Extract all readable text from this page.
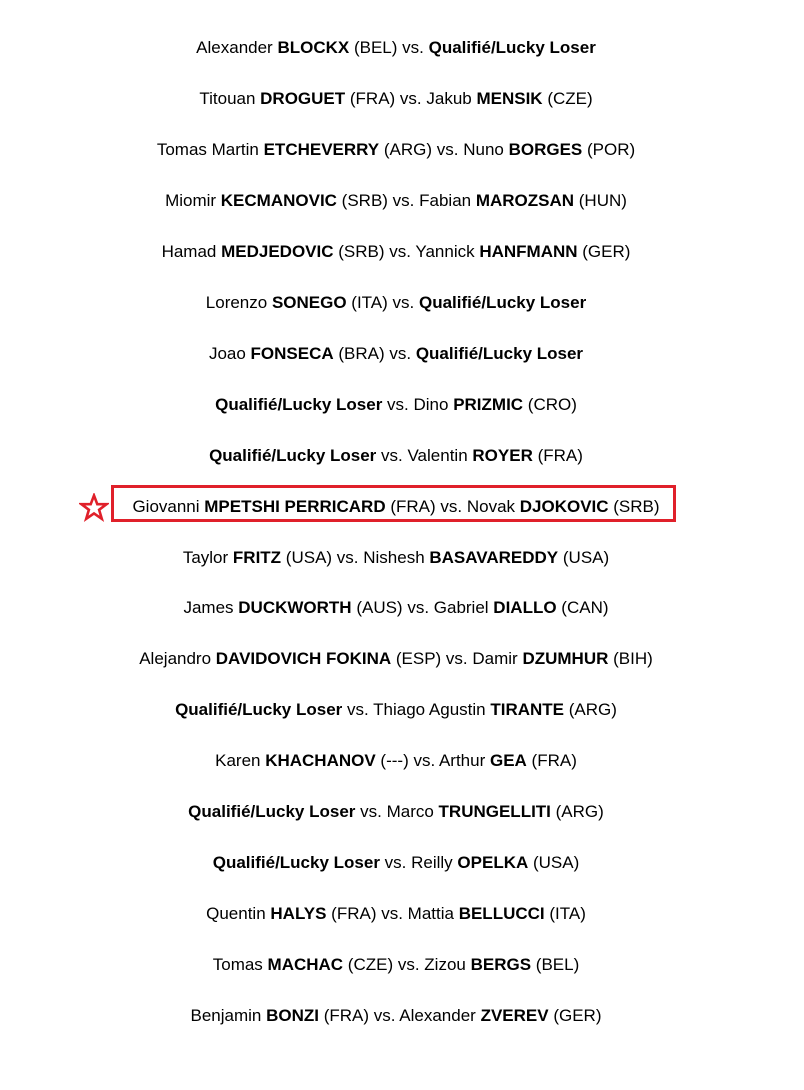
Alexander BLOCKX (BEL) vs. Qualifié/Lucky Loser
Titouan DROGUET (FRA) vs. Jakub MENSIK (CZE)
Tomas Martin ETCHEVERRY (ARG) vs. Nuno BORGES (POR)
Miomir KECMANOVIC (SRB) vs. Fabian MAROZSAN (HUN)
Hamad MEDJEDOVIC (SRB) vs. Yannick HANFMANN (GER)
Lorenzo SONEGO (ITA) vs. Qualifié/Lucky Loser
Joao FONSECA (BRA) vs. Qualifié/Lucky Loser
Qualifié/Lucky Loser vs. Dino PRIZMIC (CRO)
Qualifié/Lucky Loser vs. Valentin ROYER (FRA)
Giovanni MPETSHI PERRICARD (FRA) vs. Novak DJOKOVIC (SRB)
Taylor FRITZ (USA) vs. Nishesh BASAVAREDDY (USA)
James DUCKWORTH (AUS) vs. Gabriel DIALLO (CAN)
Alejandro DAVIDOVICH FOKINA (ESP) vs. Damir DZUMHUR (BIH)
Qualifié/Lucky Loser vs. Thiago Agustin TIRANTE (ARG)
Karen KHACHANOV (---) vs. Arthur GEA (FRA)
Qualifié/Lucky Loser vs. Marco TRUNGELLITI (ARG)
Qualifié/Lucky Loser vs. Reilly OPELKA (USA)
Quentin HALYS (FRA) vs. Mattia BELLUCCI (ITA)
Tomas MACHAC (CZE) vs. Zizou BERGS (BEL)
Benjamin BONZI (FRA) vs. Alexander ZVEREV (GER)
